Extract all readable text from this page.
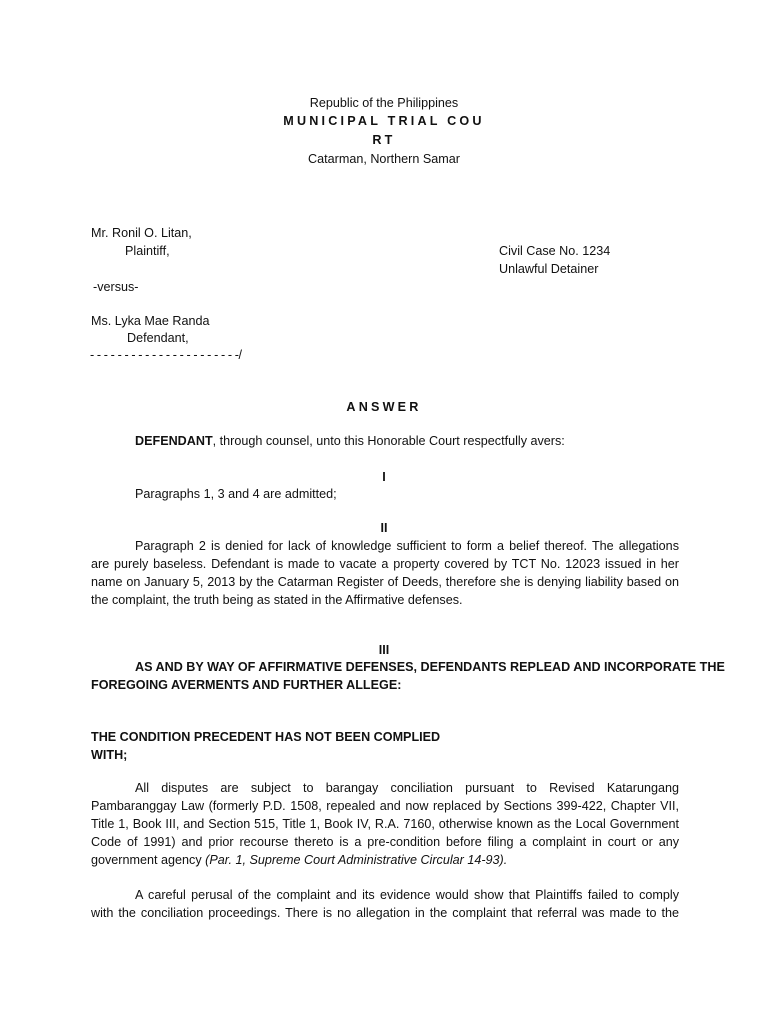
Republic of the Philippines
MUNICIPAL TRIAL COU
RT
Catarman, Northern Samar
Mr. Ronil O. Litan,
Plaintiff,	Civil Case No. 1234
Unlawful Detainer
-versus-
Ms. Lyka Mae Randa
Defendant,
- - - - - - - - - - - - - - - - - - - - - -/
ANSWER
DEFENDANT, through counsel, unto this Honorable Court respectfully avers:
I
Paragraphs 1, 3 and 4 are admitted;
II
Paragraph 2 is denied for lack of knowledge sufficient to form a belief thereof. The allegations
are purely baseless. Defendant is made to vacate a property covered by TCT No. 12023 issued in her
name on January 5, 2013 by the Catarman Register of Deeds, therefore she is denying liability based on
the complaint, the truth being as stated in the Affirmative defenses.
III
AS AND BY WAY OF AFFIRMATIVE DEFENSES, DEFENDANTS REPLEAD AND INCORPORATE THE
FOREGOING AVERMENTS AND FURTHER ALLEGE:
THE CONDITION PRECEDENT HAS NOT BEEN COMPLIED
WITH;
All disputes are subject to barangay conciliation pursuant to Revised Katarungang
Pambaranggay Law (formerly P.D. 1508, repealed and now replaced by Sections 399-422, Chapter VII,
Title 1, Book III, and Section 515, Title 1, Book IV, R.A. 7160, otherwise known as the Local Government
Code of 1991) and prior recourse thereto is a pre-condition before filing a complaint in court or any
government agency (Par. 1, Supreme Court Administrative Circular 14-93).
A careful perusal of the complaint and its evidence would show that Plaintiffs failed to comply
with the conciliation proceedings. There is no allegation in the complaint that referral was made to the
